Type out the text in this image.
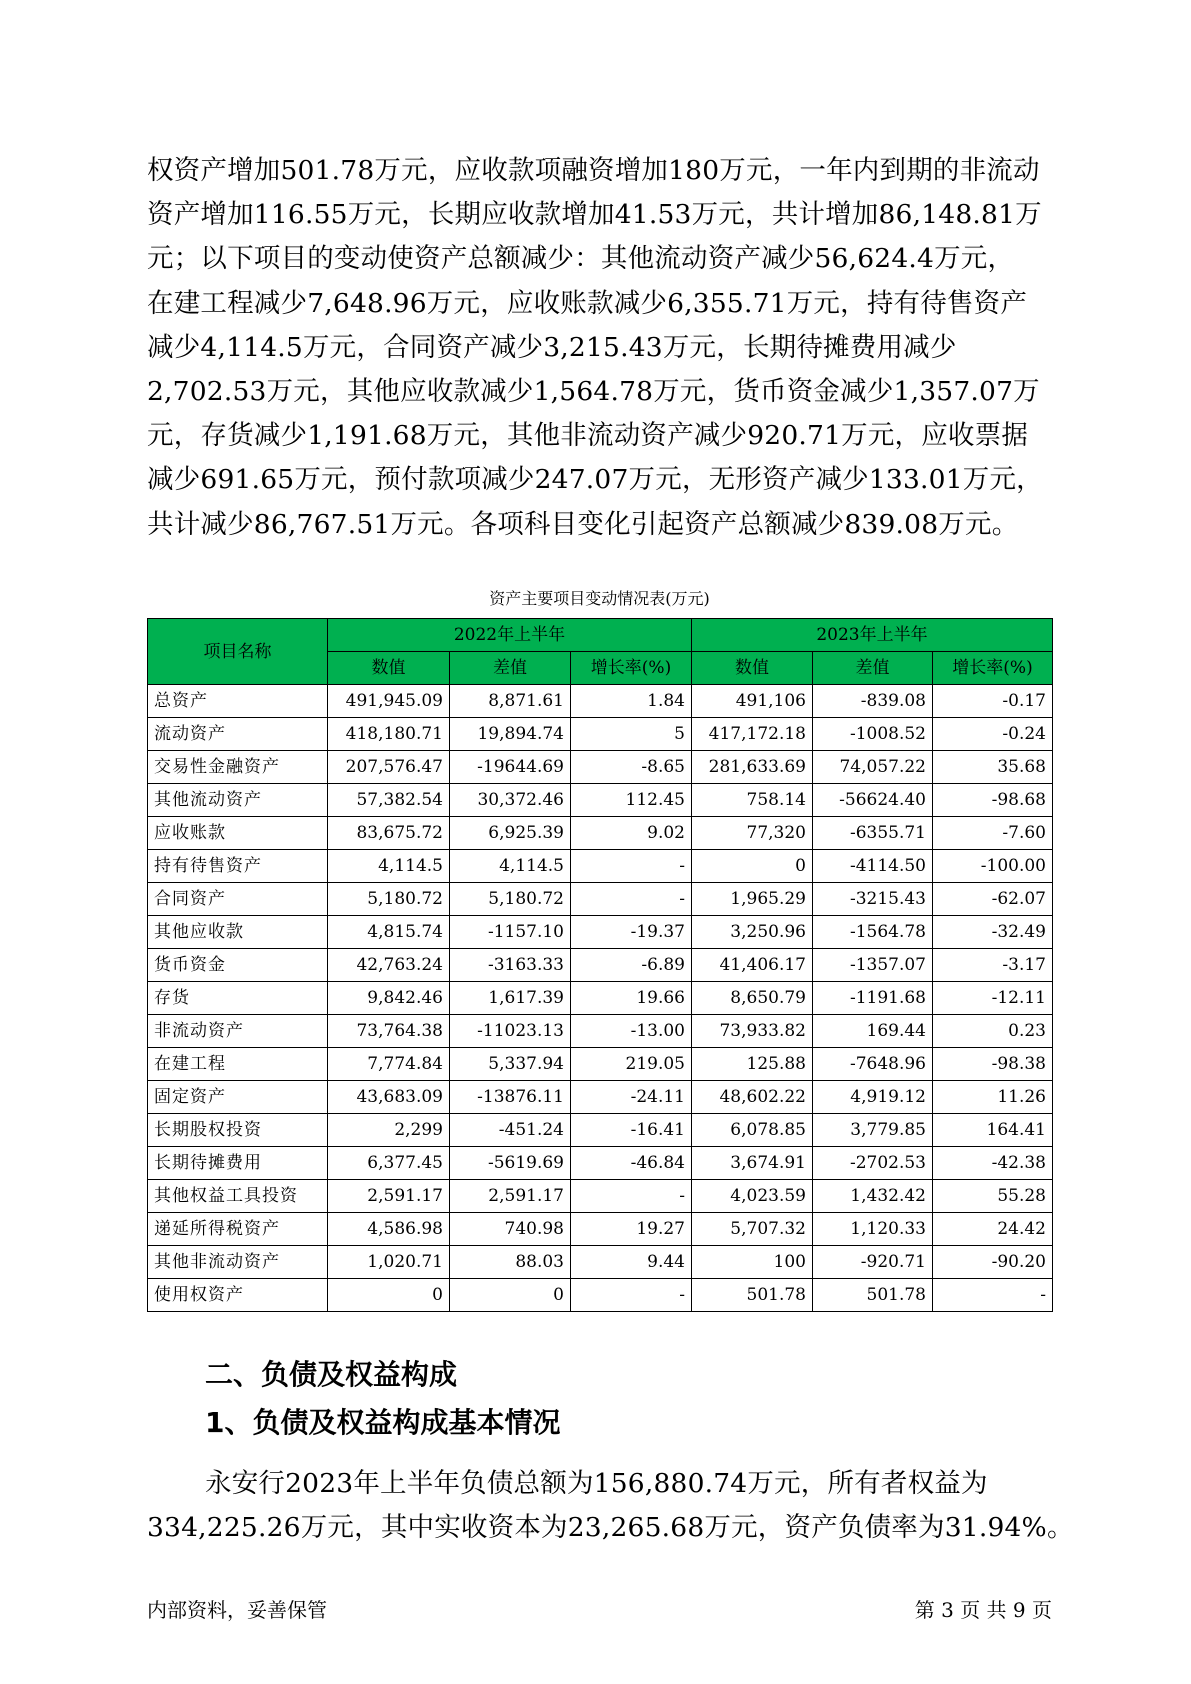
权资产增加501.78万元，应收款项融资增加180万元，一年内到期的非流动
资产增加116.55万元，长期应收款增加41.53万元，共计增加86,148.81万
元；以下项目的变动使资产总额减少：其他流动资产减少56,624.4万元，
在建工程减少7,648.96万元，应收账款减少6,355.71万元，持有待售资产
减少4,114.5万元，合同资产减少3,215.43万元，长期待摊费用减少
2,702.53万元，其他应收款减少1,564.78万元，货币资金减少1,357.07万
元，存货减少1,191.68万元，其他非流动资产减少920.71万元，应收票据
减少691.65万元，预付款项减少247.07万元，无形资产减少133.01万元，
共计减少86,767.51万元。各项科目变化引起资产总额减少839.08万元。
资产主要项目变动情况表(万元)
项目名称	2022年上半年			2023年上半年		
	数值	差值	增长率(%)	数值	差值	增长率(%)
总资产	491,945.09	8,871.61	1.84	491,106	-839.08	-0.17
流动资产	418,180.71	19,894.74	5	417,172.18	-1008.52	-0.24
交易性金融资产	207,576.47	-19644.69	-8.65	281,633.69	74,057.22	35.68
其他流动资产	57,382.54	30,372.46	112.45	758.14	-56624.40	-98.68
应收账款	83,675.72	6,925.39	9.02	77,320	-6355.71	-7.60
持有待售资产	4,114.5	4,114.5	-	0	-4114.50	-100.00
合同资产	5,180.72	5,180.72	-	1,965.29	-3215.43	-62.07
其他应收款	4,815.74	-1157.10	-19.37	3,250.96	-1564.78	-32.49
货币资金	42,763.24	-3163.33	-6.89	41,406.17	-1357.07	-3.17
存货	9,842.46	1,617.39	19.66	8,650.79	-1191.68	-12.11
非流动资产	73,764.38	-11023.13	-13.00	73,933.82	169.44	0.23
在建工程	7,774.84	5,337.94	219.05	125.88	-7648.96	-98.38
固定资产	43,683.09	-13876.11	-24.11	48,602.22	4,919.12	11.26
长期股权投资	2,299	-451.24	-16.41	6,078.85	3,779.85	164.41
长期待摊费用	6,377.45	-5619.69	-46.84	3,674.91	-2702.53	-42.38
其他权益工具投资	2,591.17	2,591.17	-	4,023.59	1,432.42	55.28
递延所得税资产	4,586.98	740.98	19.27	5,707.32	1,120.33	24.42
其他非流动资产	1,020.71	88.03	9.44	100	-920.71	-90.20
使用权资产	0	0	-	501.78	501.78	-
二、负债及权益构成
1、负债及权益构成基本情况
永安行2023年上半年负债总额为156,880.74万元，所有者权益为
334,225.26万元，其中实收资本为23,265.68万元，资产负债率为31.94%。
内部资料，妥善保管	第 3 页 共 9 页
